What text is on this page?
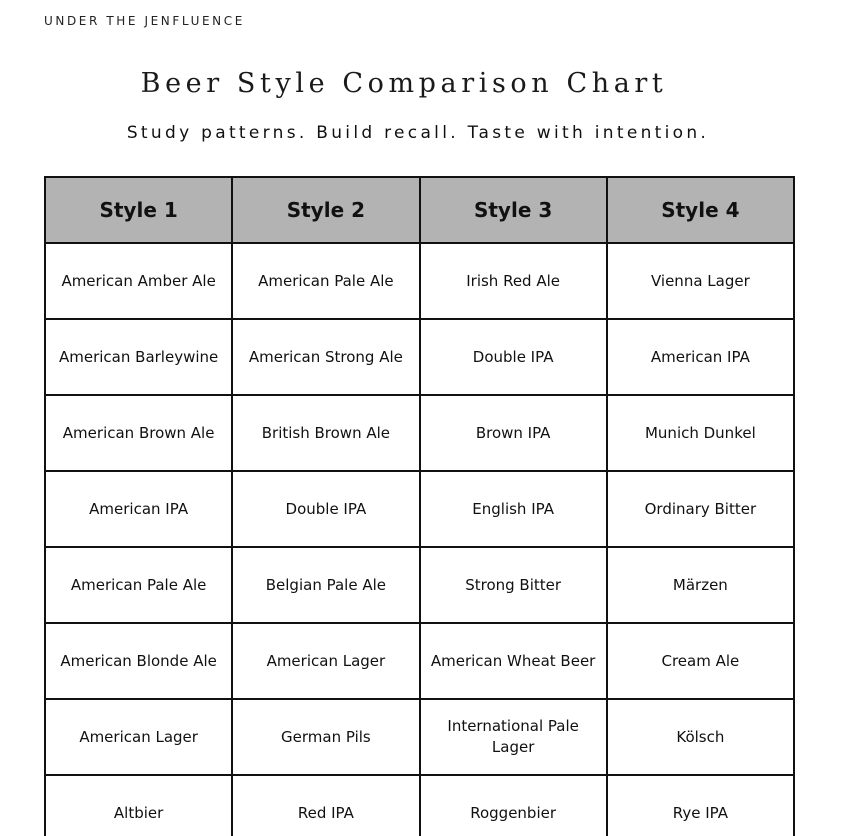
UNDER THE JENFLUENCE
Beer Style Comparison Chart
Study patterns. Build recall. Taste with intention.
Style 1	Style 2	Style 3	Style 4
American Amber Ale	American Pale Ale	Irish Red Ale	Vienna Lager
American Barleywine	American Strong Ale	Double IPA	American IPA
American Brown Ale	British Brown Ale	Brown IPA	Munich Dunkel
American IPA	Double IPA	English IPA	Ordinary Bitter
American Pale Ale	Belgian Pale Ale	Strong Bitter	Märzen
American Blonde Ale	American Lager	American Wheat Beer	Cream Ale
American Lager	German Pils	International Pale Lager	Kölsch
Altbier	Red IPA	Roggenbier	Rye IPA
